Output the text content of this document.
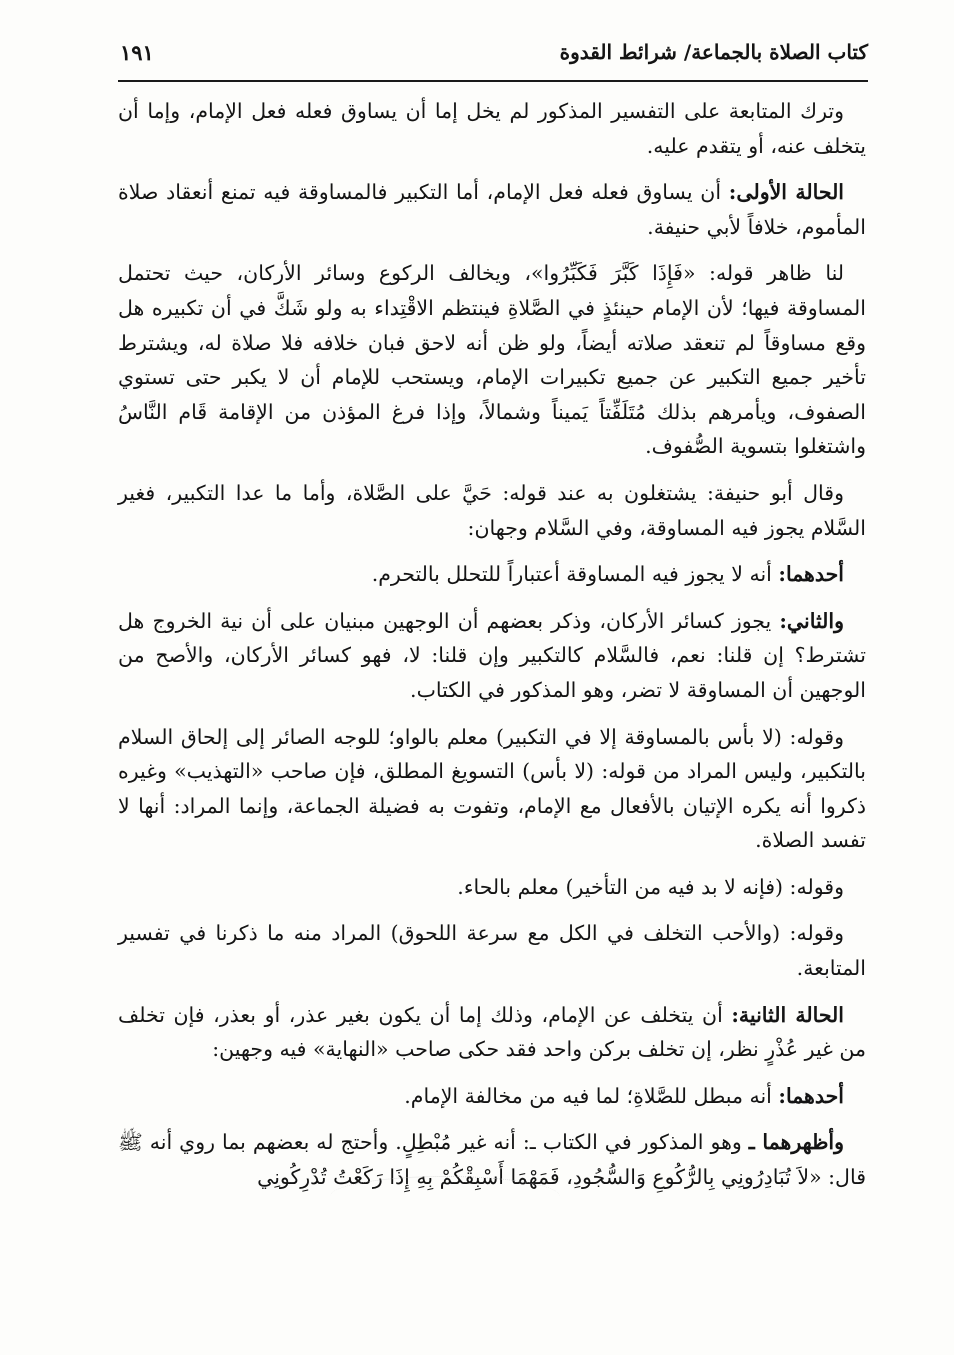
كتاب الصلاة بالجماعة/ شرائط القدوة
١٩١

وترك المتابعة على التفسير المذكور لم يخل إما أن يساوق فعله فعل الإمام، وإما أن يتخلف عنه، أو يتقدم عليه.

الحالة الأولى: أن يساوق فعله فعل الإمام، أما التكبير فالمساوقة فيه تمنع أنعقاد صلاة المأموم، خلافاً لأبي حنيفة.

لنا ظاهر قوله: «فَإِذَا كَبَّرَ فَكَبِّرُوا»، ويخالف الركوع وسائر الأركان، حيث تحتمل المساوقة فيها؛ لأن الإمام حينئذٍ في الصَّلاةِ فينتظم الاقْتِداء به ولو شَكَّ في أن تكبيره هل وقع مساوقاً لم تنعقد صلاته أيضاً، ولو ظن أنه لاحق فبان خلافه فلا صلاة له، ويشترط تأخير جميع التكبير عن جميع تكبيرات الإمام، ويستحب للإمام أن لا يكبر حتى تستوي الصفوف، ويأمرهم بذلك مُتَلَفِّتاً يَميناً وشمالاً، وإذا فرغ المؤذن من الإقامة قَام النَّاسُ واشتغلوا بتسوية الصُّفوف.

وقال أبو حنيفة: يشتغلون به عند قوله: حَيَّ على الصَّلاة، وأما ما عدا التكبير، فغير السَّلام يجوز فيه المساوقة، وفي السَّلام وجهان:

أحدهما: أنه لا يجوز فيه المساوقة أعتباراً للتحلل بالتحرم.

والثاني: يجوز كسائر الأركان، وذكر بعضهم أن الوجهين مبنيان على أن نية الخروج هل تشترط؟ إن قلنا: نعم، فالسَّلام كالتكبير وإن قلنا: لا، فهو كسائر الأركان، والأصح من الوجهين أن المساوقة لا تضر، وهو المذكور في الكتاب.

وقوله: (لا بأس بالمساوقة إلا في التكبير) معلم بالواو؛ للوجه الصائر إلى إلحاق السلام بالتكبير، وليس المراد من قوله: (لا بأس) التسويغ المطلق، فإن صاحب «التهذيب» وغيره ذكروا أنه يكره الإتيان بالأفعال مع الإمام، وتفوت به فضيلة الجماعة، وإنما المراد: أنها لا تفسد الصلاة.

وقوله: (فإنه لا بد فيه من التأخير) معلم بالحاء.

وقوله: (والأحب التخلف في الكل مع سرعة اللحوق) المراد منه ما ذكرنا في تفسير المتابعة.

الحالة الثانية: أن يتخلف عن الإمام، وذلك إما أن يكون بغير عذر، أو بعذر، فإن تخلف من غير عُذْرٍ نظر، إن تخلف بركن واحد فقد حكى صاحب «النهاية» فيه وجهين:

أحدهما: أنه مبطل للصَّلاةِ؛ لما فيه من مخالفة الإمام.

وأظهرهما ـ وهو المذكور في الكتاب ـ: أنه غير مُبْطِلٍ. وأحتج له بعضهم بما روي أنه ﷺ قال: «لاَ تُبَادِرُونِي بِالرُّكُوعِ وَالسُّجُودِ، فَمَهْمَا أَسْبِقْكُمْ بِهِ إِذَا رَكَعْتُ تُدْرِكُونِي
